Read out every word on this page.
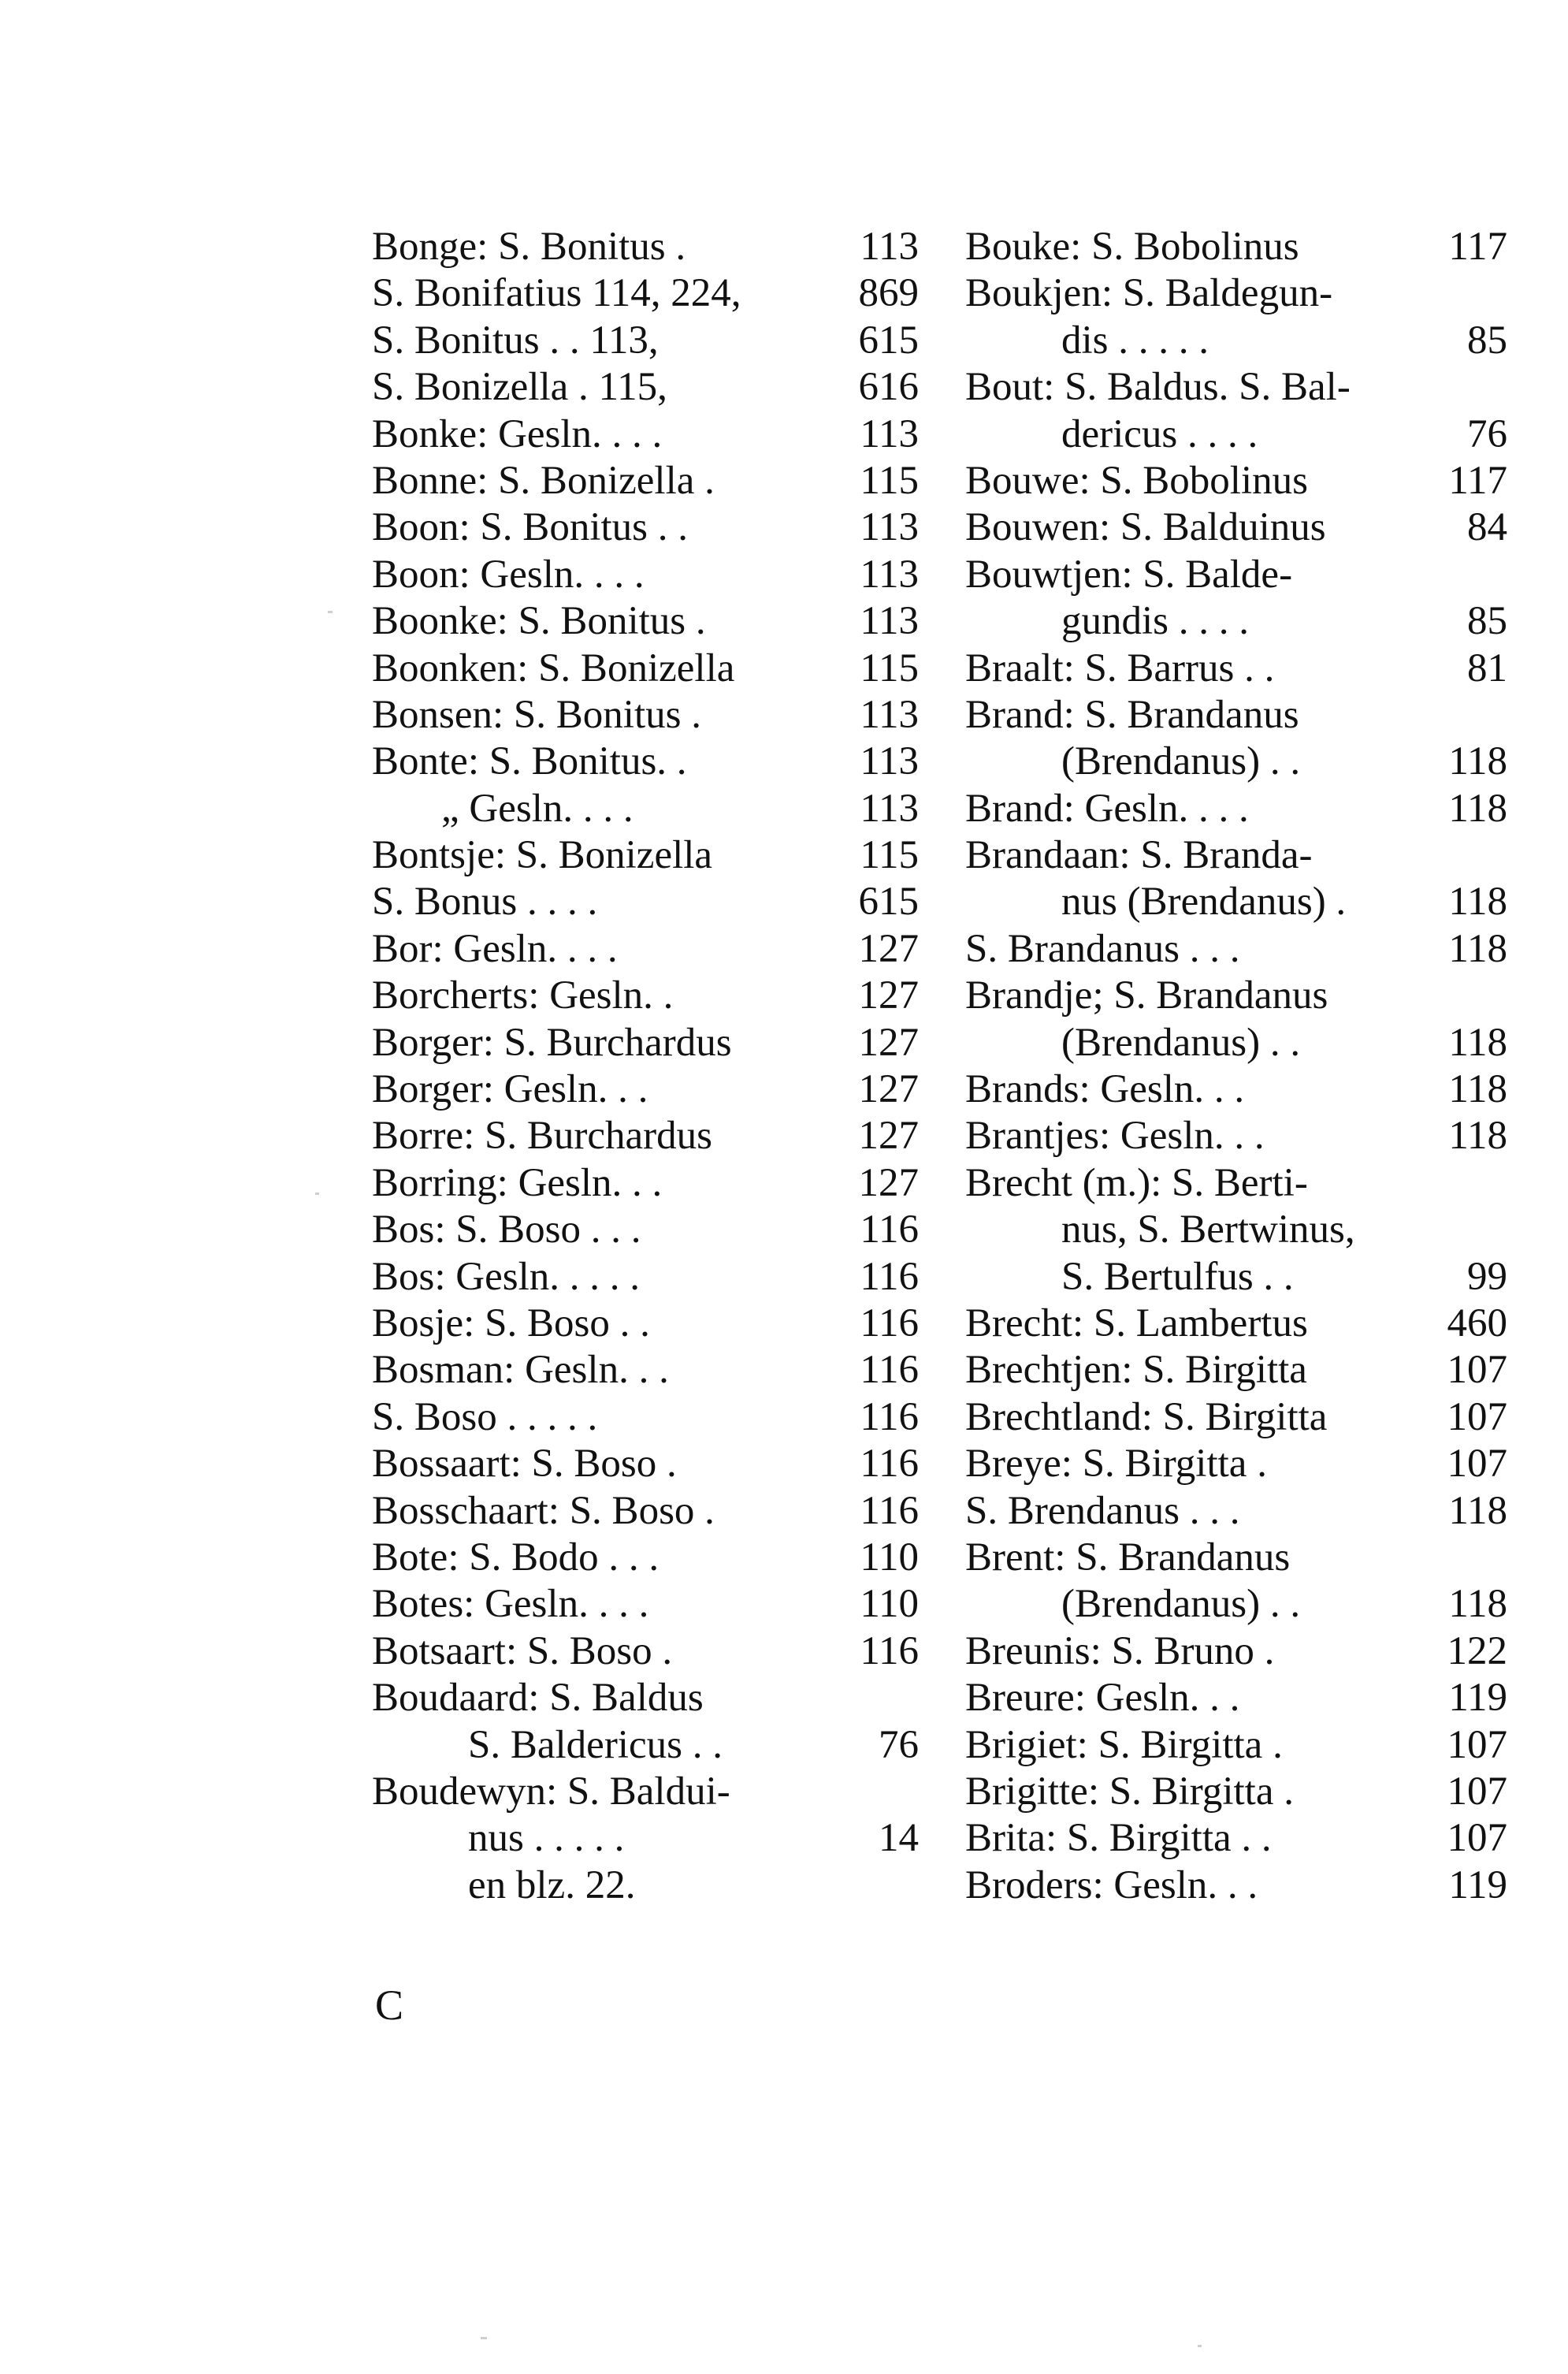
Bonge: S. Bonitus .	113
S. Bonifatius 114, 224,	869
S. Bonitus . . 113,	615
S. Bonizella . 115,	616
Bonke: Gesln. . . .	113
Bonne: S. Bonizella .	115
Boon: S. Bonitus . .	113
Boon: Gesln. . . .	113
Boonke: S. Bonitus .	113
Boonken: S. Bonizella	115
Bonsen: S. Bonitus .	113
Bonte: S. Bonitus. .	113
„ Gesln. . . .	113
Bontsje: S. Bonizella	115
S. Bonus . . . .	615
Bor: Gesln. . . .	127
Borcherts: Gesln. .	127
Borger: S. Burchardus	127
Borger: Gesln. . .	127
Borre: S. Burchardus	127
Borring: Gesln. . .	127
Bos: S. Boso . . .	116
Bos: Gesln. . . . .	116
Bosje: S. Boso . .	116
Bosman: Gesln. . .	116
S. Boso . . . . .	116
Bossaart: S. Boso .	116
Bosschaart: S. Boso .	116
Bote: S. Bodo . . .	110
Botes: Gesln. . . .	110
Botsaart: S. Boso .	116
Boudaard: S. Baldus
S. Baldericus . .	76
Boudewyn: S. Baldui-
nus . . . . .	14
en blz. 22.
Bouke: S. Bobolinus	117
Boukjen: S. Baldegun-
dis . . . . .	85
Bout: S. Baldus. S. Bal-
dericus . . . .	76
Bouwe: S. Bobolinus	117
Bouwen: S. Balduinus	84
Bouwtjen: S. Balde-
gundis . . . .	85
Braalt: S. Barrus . .	81
Brand: S. Brandanus
(Brendanus) . .	118
Brand: Gesln. . . .	118
Brandaan: S. Branda-
nus (Brendanus) .	118
S. Brandanus . . .	118
Brandje; S. Brandanus
(Brendanus) . .	118
Brands: Gesln. . .	118
Brantjes: Gesln. . .	118
Brecht (m.): S. Berti-
nus, S. Bertwinus,
S. Bertulfus . .	99
Brecht: S. Lambertus	460
Brechtjen: S. Birgitta	107
Brechtland: S. Birgitta	107
Breye: S. Birgitta .	107
S. Brendanus . . .	118
Brent: S. Brandanus
(Brendanus) . .	118
Breunis: S. Bruno .	122
Breure: Gesln. . .	119
Brigiet: S. Birgitta .	107
Brigitte: S. Birgitta .	107
Brita: S. Birgitta . .	107
Broders: Gesln. . .	119
C
